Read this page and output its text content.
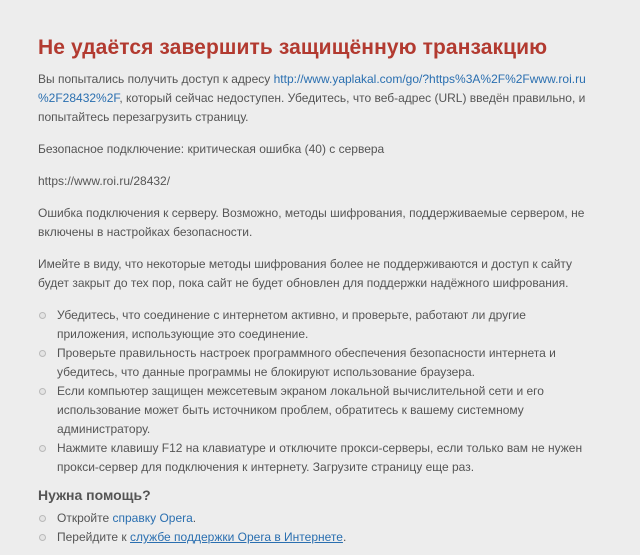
Не удаётся завершить защищённую транзакцию

Вы попытались получить доступ к адресу http://www.yaplakal.com/go/?https%3A%2F%2Fwww.roi.ru
%2F28432%2F, который сейчас недоступен. Убедитесь, что веб-адрес (URL) введён правильно, и попытайтесь перезагрузить страницу.

Безопасное подключение: критическая ошибка (40) с сервера

https://www.roi.ru/28432/

Ошибка подключения к серверу. Возможно, методы шифрования, поддерживаемые сервером, не включены в настройках безопасности.

Имейте в виду, что некоторые методы шифрования более не поддерживаются и доступ к сайту будет закрыт до тех пор, пока сайт не будет обновлен для поддержки надёжного шифрования.

Убедитесь, что соединение с интернетом активно, и проверьте, работают ли другие приложения, использующие это соединение.
Проверьте правильность настроек программного обеспечения безопасности интернета и убедитесь, что данные программы не блокируют использование браузера.
Если компьютер защищен межсетевым экраном локальной вычислительной сети и его использование может быть источником проблем, обратитесь к вашему системному администратору.
Нажмите клавишу F12 на клавиатуре и отключите прокси-серверы, если только вам не нужен прокси-сервер для подключения к интернету. Загрузите страницу еще раз.
Нужна помощь?
Откройте справку Opera.
Перейдите к службе поддержки Opera в Интернете.
